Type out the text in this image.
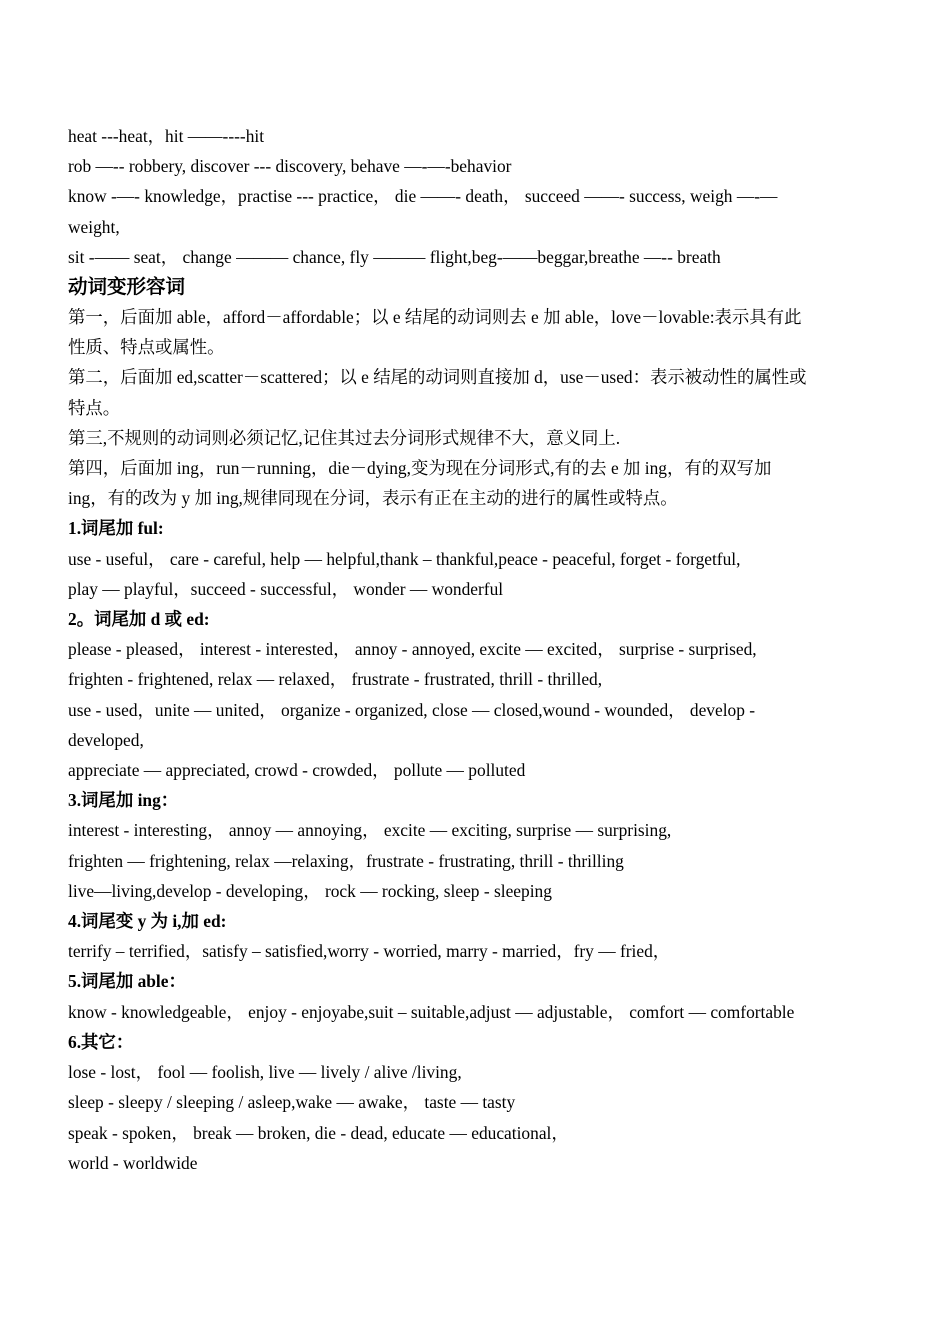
heat ---heat，hit ——----hit
rob —-- robbery, discover --- discovery, behave —-—-behavior
know -—- knowledge，practise --- practice， die ——- death， succeed ——- success, weigh —-—
weight,
sit -—— seat， change ——— chance, fly ——— flight,beg-——beggar,breathe —-- breath
动词变形容词
第一，后面加 able，afford－affordable；以 e 结尾的动词则去 e 加 able，love－lovable:表示具有此
性质、特点或属性。
第二，后面加 ed,scatter－scattered；以 e 结尾的动词则直接加 d，use－used：表示被动性的属性或
特点。
第三,不规则的动词则必须记忆,记住其过去分词形式规律不大，意义同上.
第四，后面加 ing，run－running，die－dying,变为现在分词形式,有的去 e 加 ing，有的双写加
ing，有的改为 y 加 ing,规律同现在分词，表示有正在主动的进行的属性或特点。
1.词尾加 ful:
use - useful， care - careful, help — helpful,thank – thankful,peace - peaceful, forget - forgetful,
play — playful，succeed - successful， wonder — wonderful
2。词尾加 d 或 ed:
please - pleased， interest - interested， annoy - annoyed, excite — excited， surprise - surprised,
frighten - frightened, relax — relaxed， frustrate - frustrated, thrill - thrilled,
use - used，unite — united， organize - organized, close — closed,wound - wounded， develop -
developed,
appreciate — appreciated, crowd - crowded， pollute — polluted
3.词尾加 ing：
interest - interesting， annoy — annoying， excite — exciting, surprise — surprising,
frighten — frightening, relax —relaxing，frustrate - frustrating, thrill - thrilling
live—living,develop - developing， rock — rocking, sleep - sleeping
4.词尾变 y 为 i,加 ed:
terrify – terrified，satisfy – satisfied,worry - worried, marry - married，fry — fried，
5.词尾加 able：
know - knowledgeable， enjoy - enjoyabe,suit – suitable,adjust — adjustable， comfort — comfortable
6.其它：
lose - lost， fool — foolish, live — lively / alive /living,
sleep - sleepy / sleeping / asleep,wake — awake， taste — tasty
speak - spoken， break — broken, die - dead, educate — educational，
world - worldwide
